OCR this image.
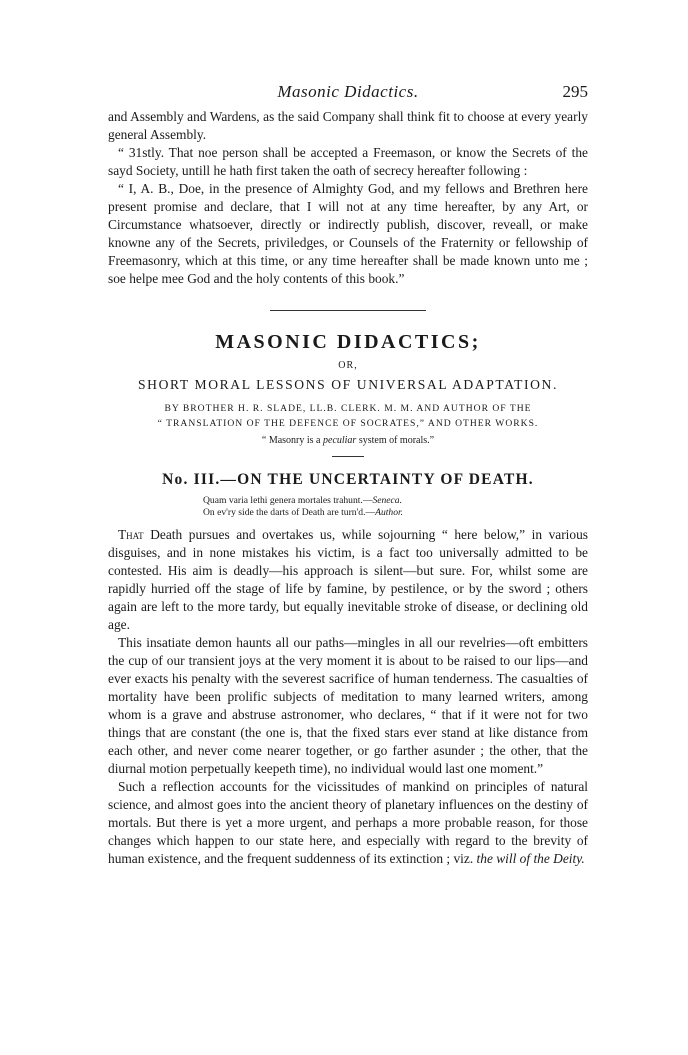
Masonic Didactics.	295

and Assembly and Wardens, as the said Company shall think fit to choose at every yearly general Assembly.

“ 31stly. That noe person shall be accepted a Freemason, or know the Secrets of the sayd Society, untill he hath first taken the oath of secrecy hereafter following :

“ I, A. B., Doe, in the presence of Almighty God, and my fellows and Brethren here present promise and declare, that I will not at any time hereafter, by any Art, or Circumstance whatsoever, directly or indirectly publish, discover, reveall, or make knowne any of the Secrets, priviledges, or Counsels of the Fraternity or fellowship of Freemasonry, which at this time, or any time hereafter shall be made known unto me ; soe helpe mee God and the holy contents of this book.”

MASONIC DIDACTICS;

OR,

SHORT MORAL LESSONS OF UNIVERSAL ADAPTATION.

BY BROTHER H. R. SLADE, LL.B. CLERK. M. M. AND AUTHOR OF THE

“ TRANSLATION OF THE DEFENCE OF SOCRATES,” AND OTHER WORKS.

“ Masonry is a peculiar system of morals.”

No. III.—ON THE UNCERTAINTY OF DEATH.

Quam varia lethi genera mortales trahunt.—Seneca.

On ev'ry side the darts of Death are turn'd.—Author.

That Death pursues and overtakes us, while sojourning “ here below,” in various disguises, and in none mistakes his victim, is a fact too universally admitted to be contested. His aim is deadly—his approach is silent—but sure. For, whilst some are rapidly hurried off the stage of life by famine, by pestilence, or by the sword ; others again are left to the more tardy, but equally inevitable stroke of disease, or declining old age.

This insatiate demon haunts all our paths—mingles in all our revelries—oft embitters the cup of our transient joys at the very moment it is about to be raised to our lips—and ever exacts his penalty with the severest sacrifice of human tenderness. The casualties of mortality have been prolific subjects of meditation to many learned writers, among whom is a grave and abstruse astronomer, who declares, “ that if it were not for two things that are constant (the one is, that the fixed stars ever stand at like distance from each other, and never come nearer together, or go farther asunder ; the other, that the diurnal motion perpetually keepeth time), no individual would last one moment.”

Such a reflection accounts for the vicissitudes of mankind on principles of natural science, and almost goes into the ancient theory of planetary influences on the destiny of mortals. But there is yet a more urgent, and perhaps a more probable reason, for those changes which happen to our state here, and especially with regard to the brevity of human existence, and the frequent suddenness of its extinction ; viz. the will of the Deity.
